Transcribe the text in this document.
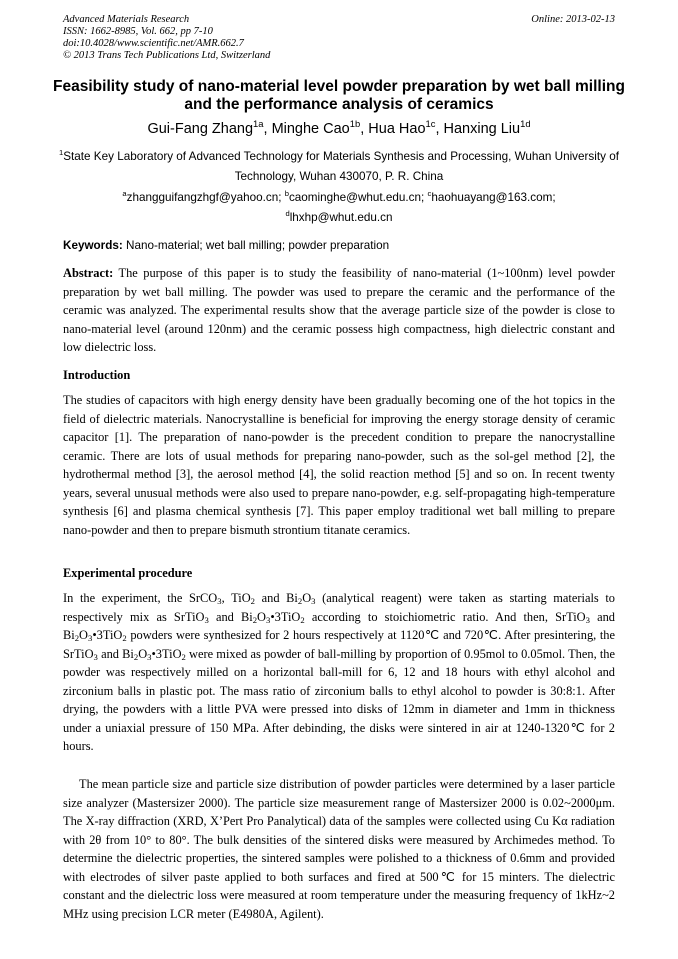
Advanced Materials Research
ISSN: 1662-8985, Vol. 662, pp 7-10
doi:10.4028/www.scientific.net/AMR.662.7
© 2013 Trans Tech Publications Ltd, Switzerland
Online: 2013-02-13
Feasibility study of nano-material level powder preparation by wet ball milling and the performance analysis of ceramics
Gui-Fang Zhang$^{1a}$, Minghe Cao$^{1b}$, Hua Hao$^{1c}$, Hanxing Liu$^{1d}$
$^1$State Key Laboratory of Advanced Technology for Materials Synthesis and Processing, Wuhan University of Technology, Wuhan 430070, P. R. China
$^a$zhangguifangzhgf@yahoo.cn; $^b$caominghe@whut.edu.cn; $^c$haohuayang@163.com;
$^d$lhxhp@whut.edu.cn
Keywords: Nano-material; wet ball milling; powder preparation
Abstract: The purpose of this paper is to study the feasibility of nano-material (1~100nm) level powder preparation by wet ball milling. The powder was used to prepare the ceramic and the performance of the ceramic was analyzed. The experimental results show that the average particle size of the powder is close to nano-material level (around 120nm) and the ceramic possess high compactness, high dielectric constant and low dielectric loss.
Introduction
The studies of capacitors with high energy density have been gradually becoming one of the hot topics in the field of dielectric materials. Nanocrystalline is beneficial for improving the energy storage density of ceramic capacitor [1]. The preparation of nano-powder is the precedent condition to prepare the nanocrystalline ceramic. There are lots of usual methods for preparing nano-powder, such as the sol-gel method [2], the hydrothermal method [3], the aerosol method [4], the solid reaction method [5] and so on. In recent twenty years, several unusual methods were also used to prepare nano-powder, e.g. self-propagating high-temperature synthesis [6] and plasma chemical synthesis [7]. This paper employ traditional wet ball milling to prepare nano-powder and then to prepare bismuth strontium titanate ceramics.
Experimental procedure
In the experiment, the SrCO$_3$, TiO$_2$ and $Bi_2O_3$ (analytical reagent) were taken as starting materials to respectively mix as SrTiO$_3$ and $Bi_2O_3•3TiO_2$ according to stoichiometric ratio. And then, SrTiO$_3$ and $Bi_2O_3•3TiO_2$ powders were synthesized for 2 hours respectively at 1120℃ and 720℃. After presintering, the SrTiO$_3$ and $Bi_2O_3•3TiO_2$ were mixed as powder of ball-milling by proportion of 0.95mol to 0.05mol. Then, the powder was respectively milled on a horizontal ball-mill for 6, 12 and 18 hours with ethyl alcohol and zirconium balls in plastic pot. The mass ratio of zirconium balls to ethyl alcohol to powder is 30:8:1. After drying, the powders with a little PVA were pressed into disks of 12mm in diameter and 1mm in thickness under a uniaxial pressure of 150 MPa. After debinding, the disks were sintered in air at 1240-1320℃ for 2 hours.
The mean particle size and particle size distribution of powder particles were determined by a laser particle size analyzer (Mastersizer 2000). The particle size measurement range of Mastersizer 2000 is 0.02~2000μm. The X-ray diffraction (XRD, X’Pert Pro Panalytical) data of the samples were collected using Cu Kα radiation with 2θ from 10° to 80°. The bulk densities of the sintered disks were measured by Archimedes method. To determine the dielectric properties, the sintered samples were polished to a thickness of 0.6mm and provided with electrodes of silver paste applied to both surfaces and fired at 500℃ for 15 minters. The dielectric constant and the dielectric loss were measured at room temperature under the measuring frequency of 1kHz~2 MHz using precision LCR meter (E4980A, Agilent).
